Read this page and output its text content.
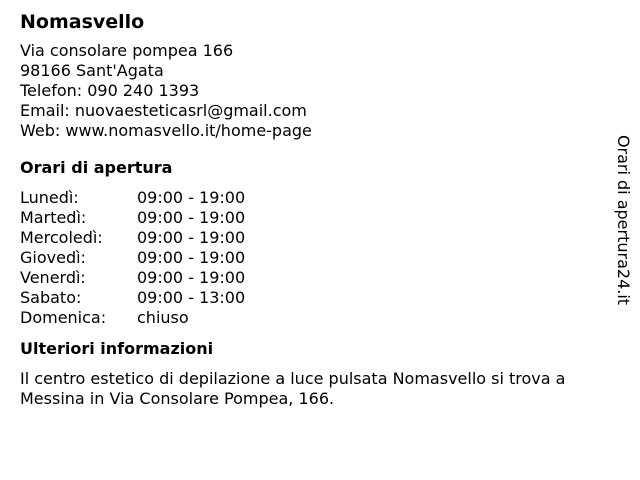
Nomasvello
Via consolare pompea 166
98166 Sant'Agata
Telefon: 090 240 1393
Email: nuovaesteticasrl@gmail.com
Web: www.nomasvello.it/home-page
Orari di apertura
Lunedì:	09:00 - 19:00
Martedì:	09:00 - 19:00
Mercoledì:	09:00 - 19:00
Giovedì:	09:00 - 19:00
Venerdì:	09:00 - 19:00
Sabato:	09:00 - 13:00
Domenica:	chiuso
Ulteriori informazioni

Il centro estetico di depilazione a luce pulsata Nomasvello si trova a Messina in Via Consolare Pompea, 166.

Orari di apertura24.it
